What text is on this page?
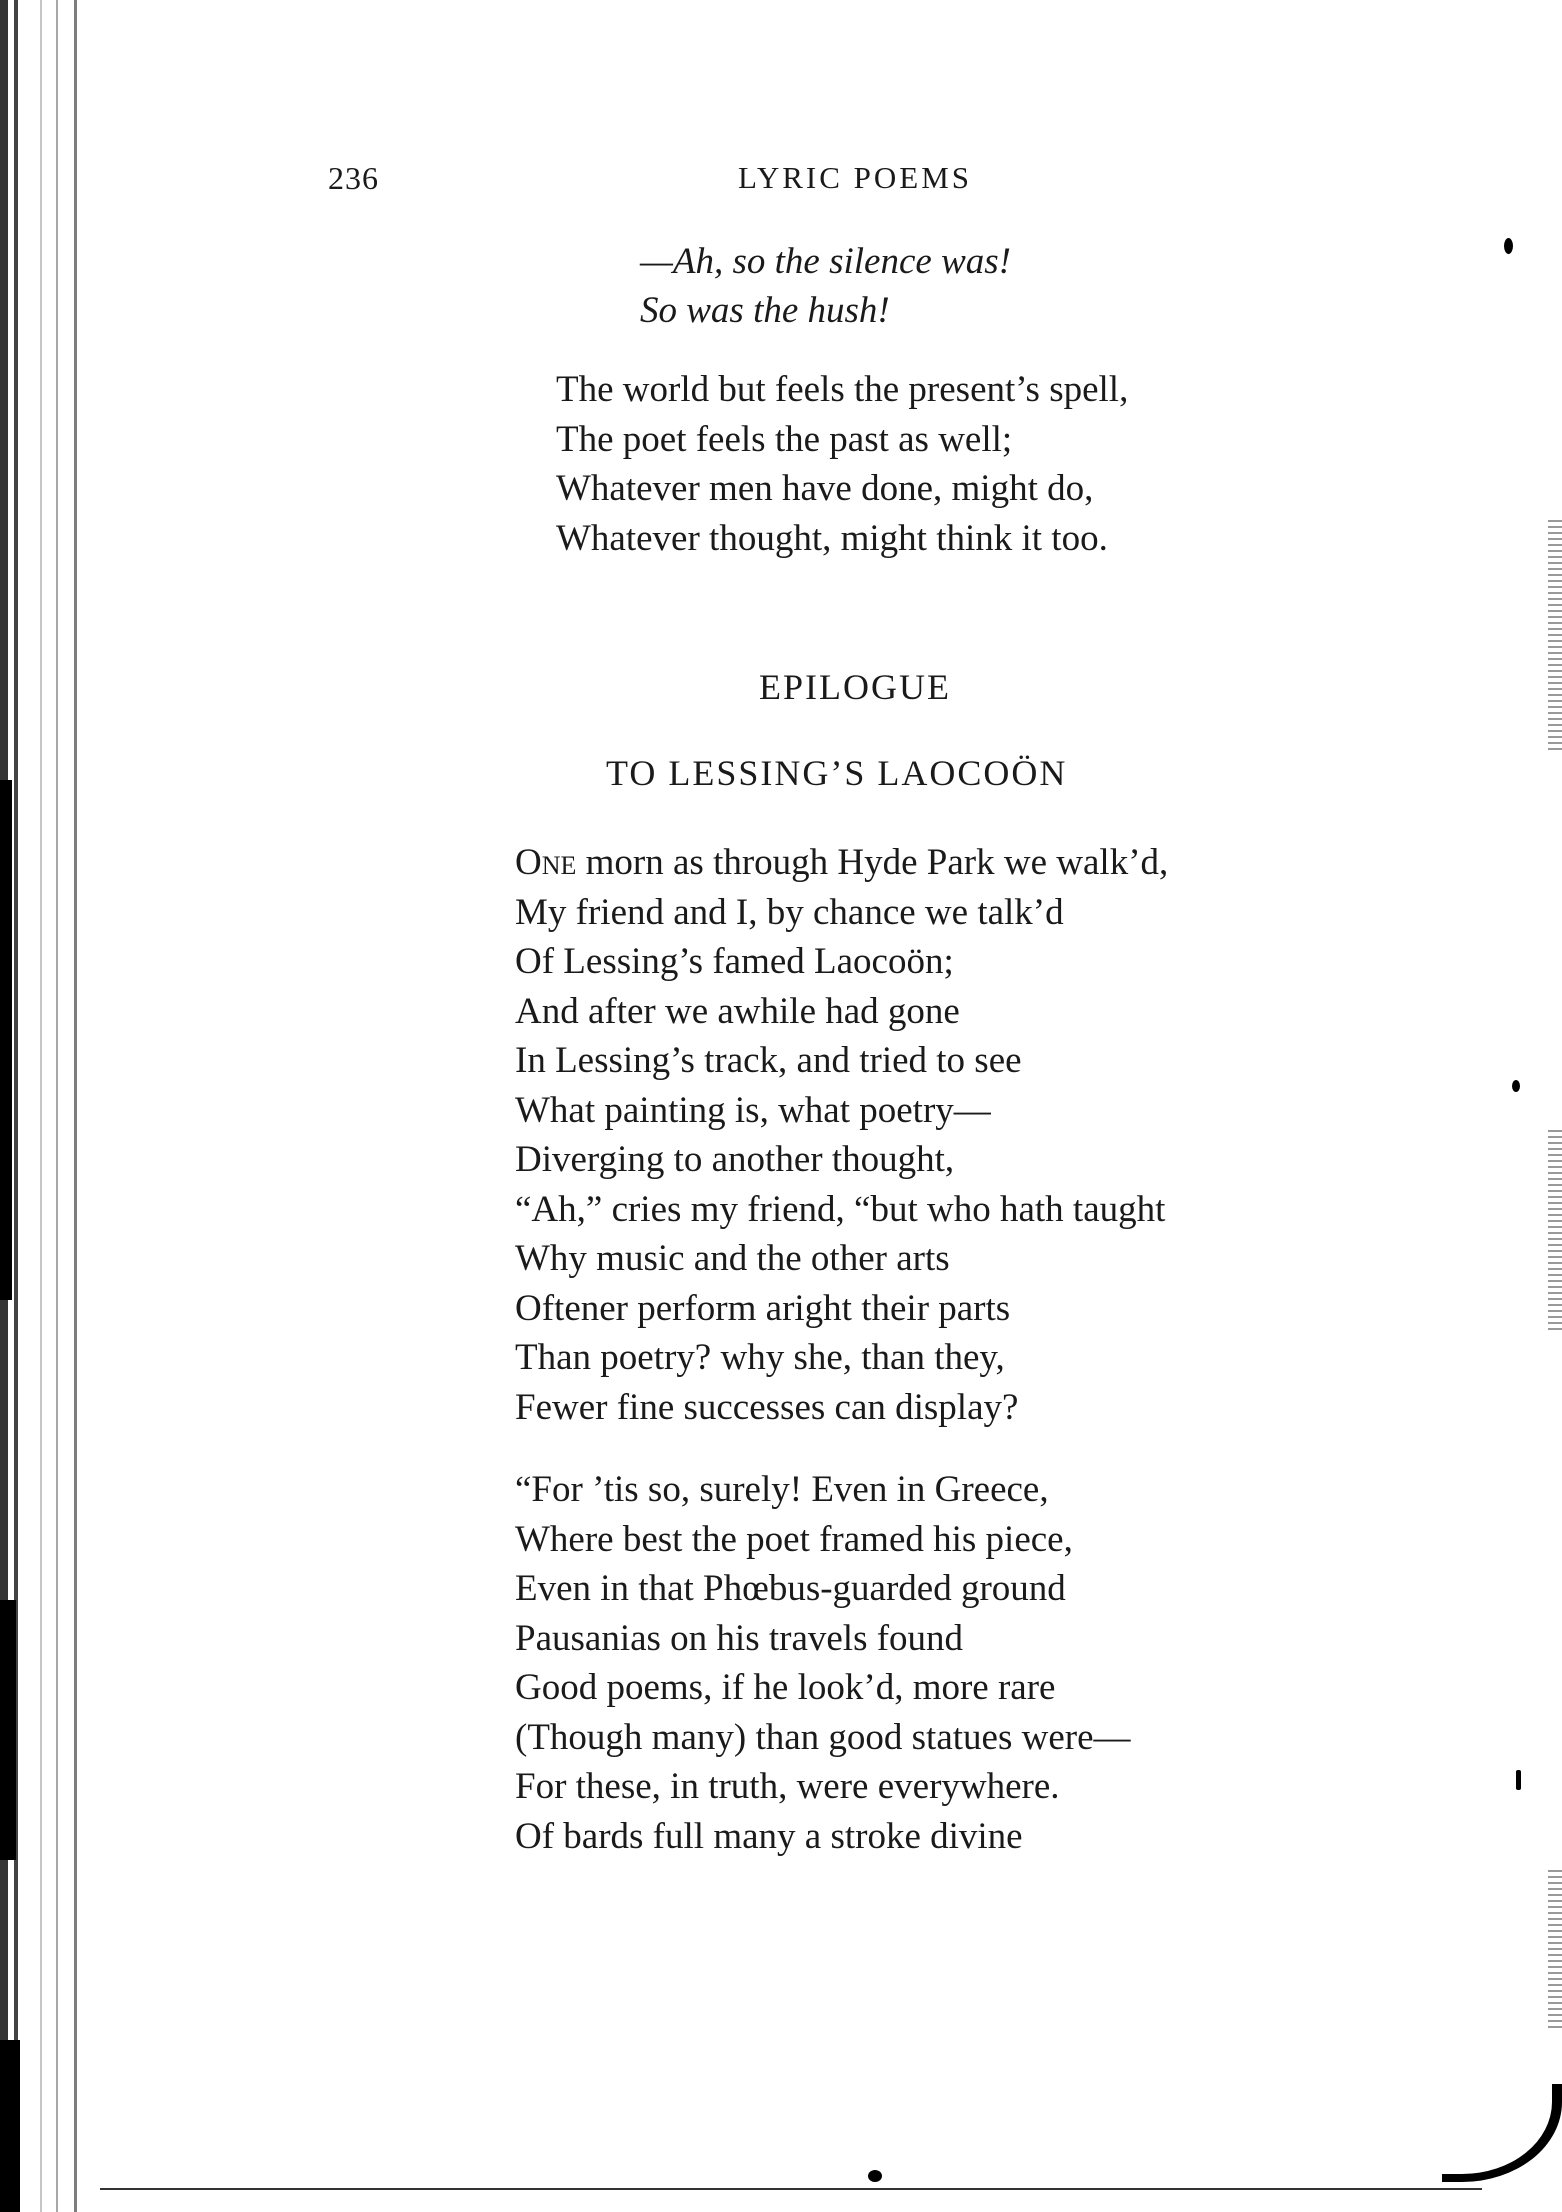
236	LYRIC POEMS
—Ah, so the silence was!
So was the hush!
The world but feels the present’s spell,
The poet feels the past as well;
Whatever men have done, might do,
Whatever thought, might think it too.
EPILOGUE
TO LESSING’S LAOCOÖN
One morn as through Hyde Park we walk’d,
My friend and I, by chance we talk’d
Of Lessing’s famed Laocoön;
And after we awhile had gone
In Lessing’s track, and tried to see
What painting is, what poetry—
Diverging to another thought,
“Ah,” cries my friend, “but who hath taught
Why music and the other arts
Oftener perform aright their parts
Than poetry? why she, than they,
Fewer fine successes can display?
“For ’tis so, surely! Even in Greece,
Where best the poet framed his piece,
Even in that Phœbus-guarded ground
Pausanias on his travels found
Good poems, if he look’d, more rare
(Though many) than good statues were—
For these, in truth, were everywhere.
Of bards full many a stroke divine
